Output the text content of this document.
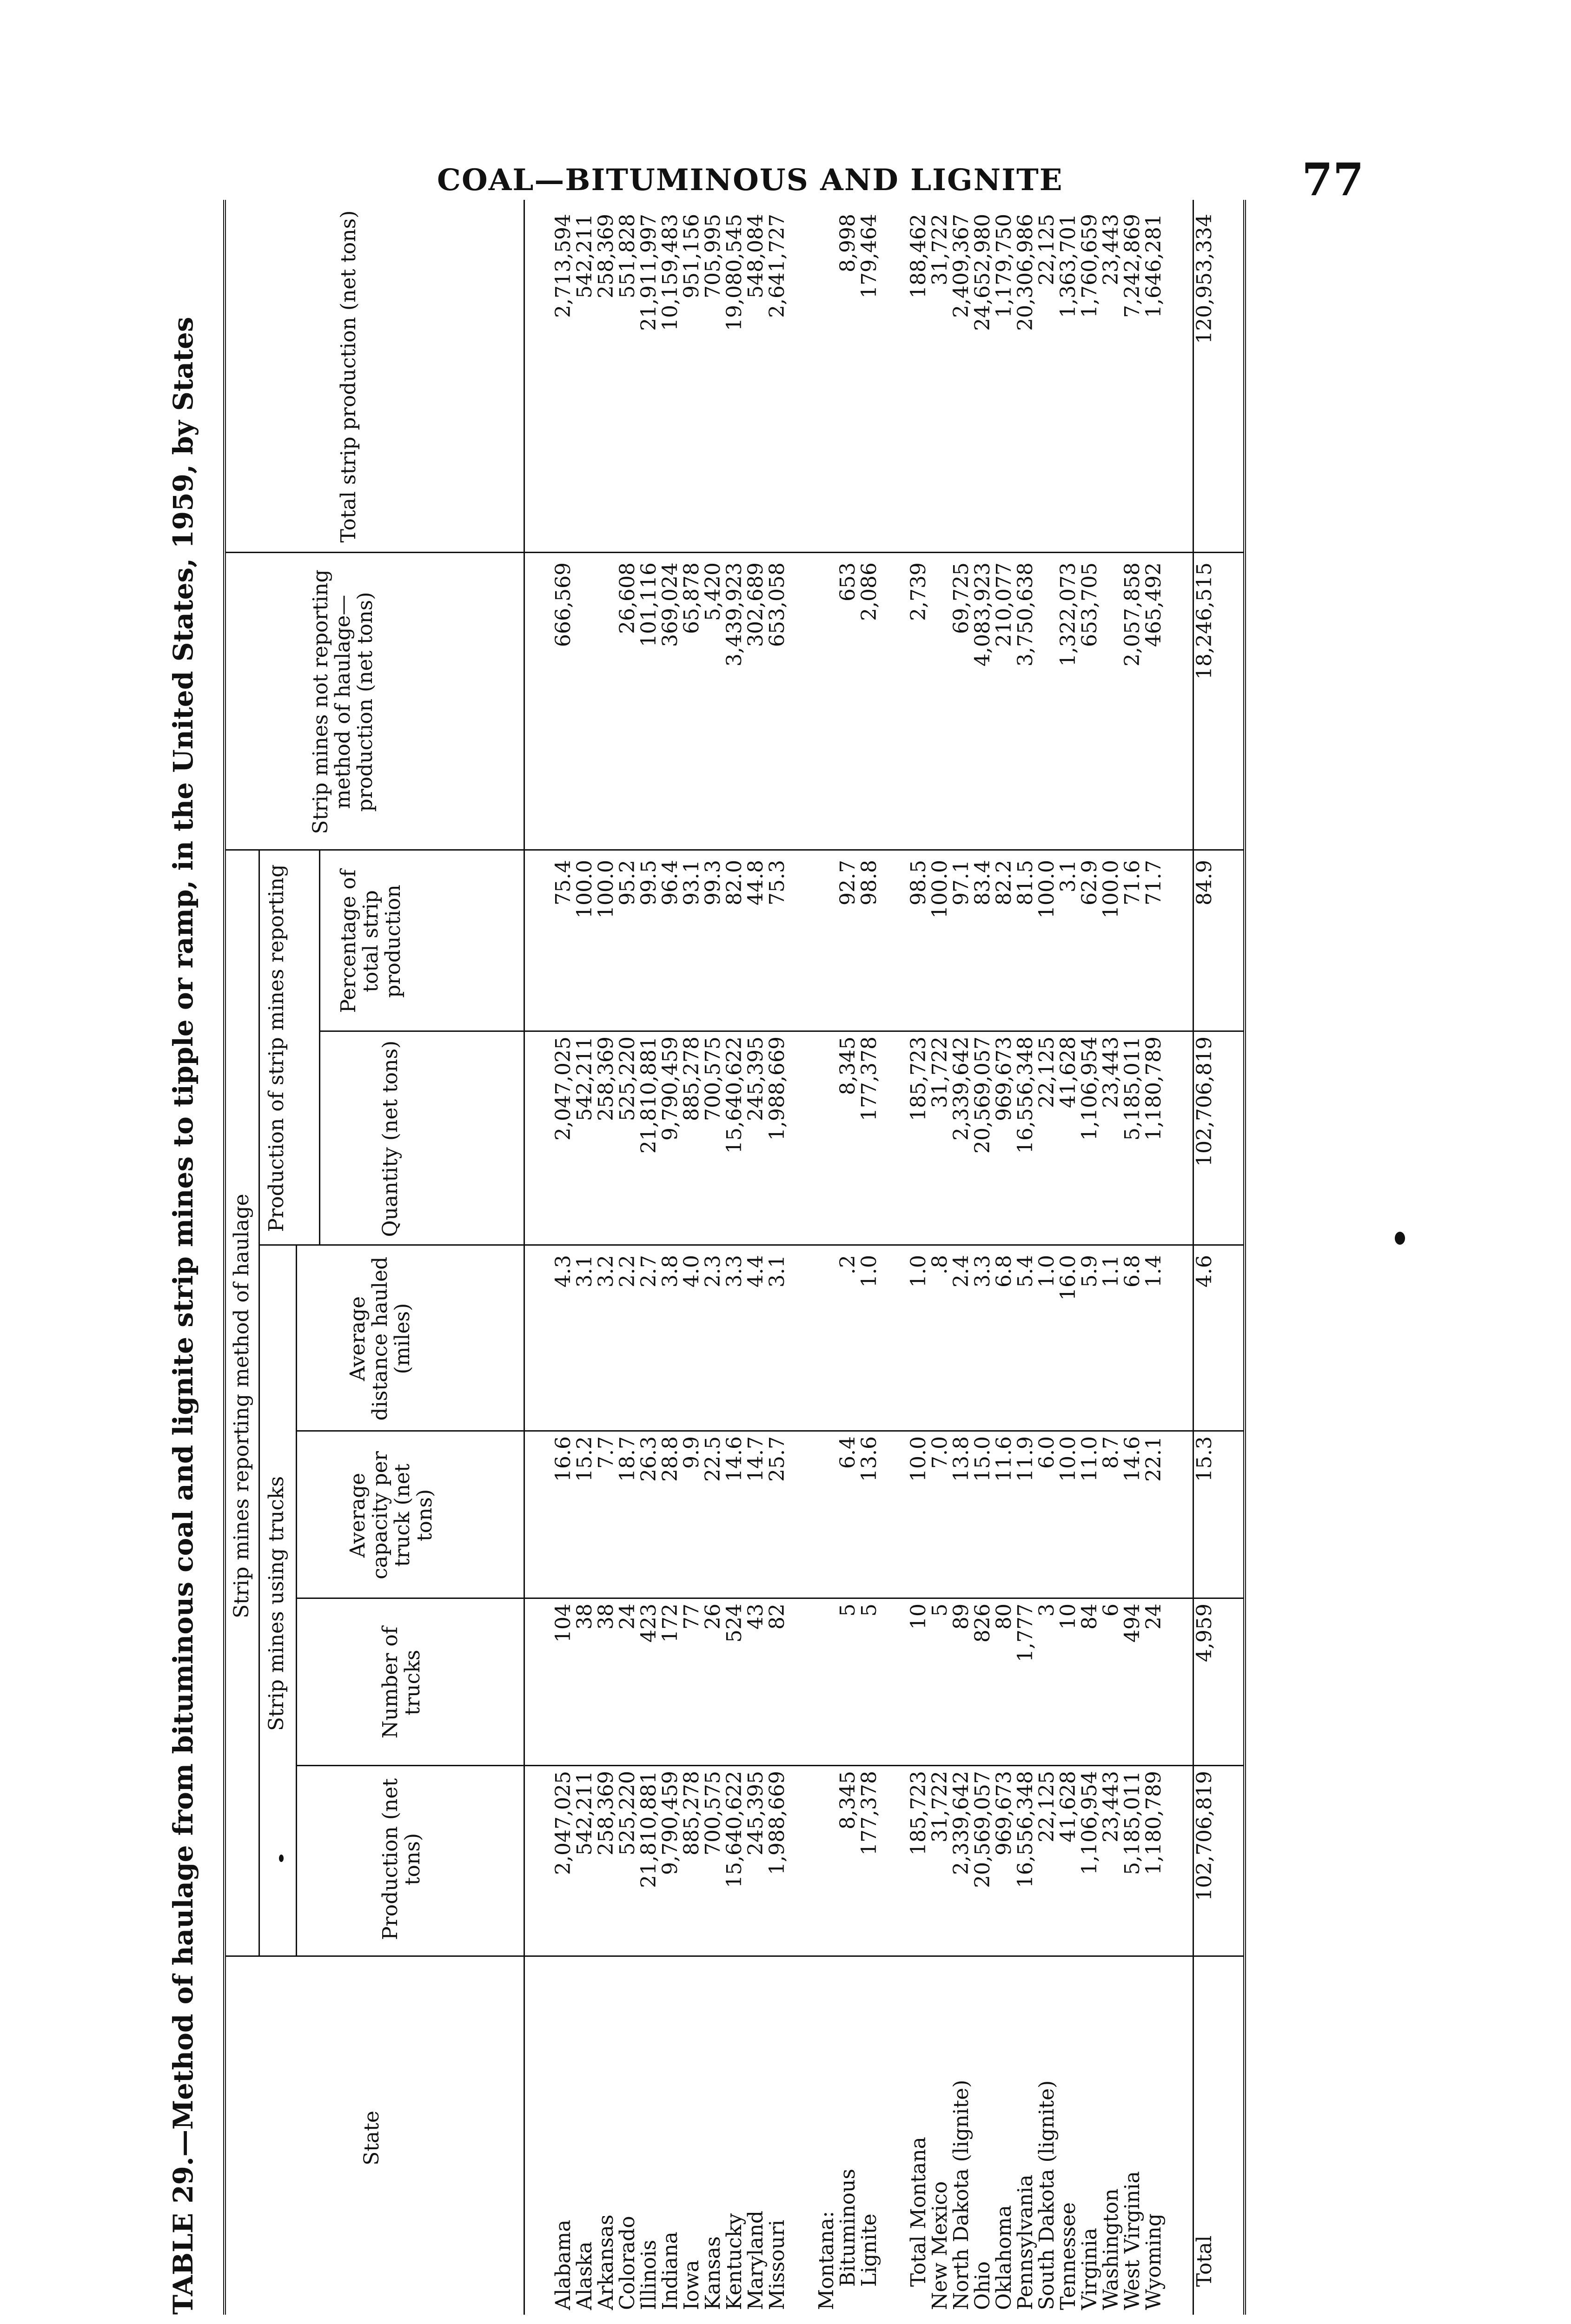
COAL—BITUMINOUS AND LIGNITE	77
TABLE 29.—Method of haulage from bituminous coal and lignite strip mines to tipple or ramp, in the United States, 1959, by States	State
Strip mines reporting method of haulage Strip mines using trucks
Production of strip mines reporting
Production (net tons)
Number of trucks
Average capacity per truck (net tons)
Average distance hauled (miles)
Quantity (net tons)
Percentage of total strip production
Strip mines not reporting method of haulage—production (net tons)
Total strip production (net tons)
Alabama
2,047,025
104
16.6
4.3
2,047,025
75.4
666,569
2,713,594
Alaska
542,211
38
15.2
3.1
542,211
100.0
542,211
Arkansas
258,369
38
7.7
3.2
258,369
100.0
258,369
Colorado
525,220
24
18.7
2.2
525,220
95.2
26,608
551,828
Illinois
21,810,881
423
26.3
2.7
21,810,881
99.5
101,116
21,911,997
Indiana
9,790,459
172
28.8
3.8
9,790,459
96.4
369,024
10,159,483
Iowa
885,278
77
9.9
4.0
885,278
93.1
65,878
951,156
Kansas
700,575
26
22.5
2.3
700,575
99.3
5,420
705,995
Kentucky
15,640,622
524
14.6
3.3
15,640,622
82.0
3,439,923
19,080,545
Maryland
245,395
43
14.7
4.4
245,395
44.8
302,689
548,084
Missouri
1,988,669
82
25.7
3.1
1,988,669
75.3
653,058
2,641,727
Montana:
Bituminous
8,345
5
6.4
.2
8,345
92.7
653
8,998
Lignite
177,378
5
13.6
1.0
177,378
98.8
2,086
179,464
Total Montana
185,723
10
10.0
1.0
185,723
98.5
2,739
188,462
New Mexico
31,722
5
7.0
.8
31,722
100.0
31,722
North Dakota (lignite)
2,339,642
89
13.8
2.4
2,339,642
97.1
69,725
2,409,367
Ohio
20,569,057
826
15.0
3.3
20,569,057
83.4
4,083,923
24,652,980
Oklahoma
969,673
80
11.6
6.8
969,673
82.2
210,077
1,179,750
Pennsylvania
16,556,348
1,777
11.9
5.4
16,556,348
81.5
3,750,638
20,306,986
South Dakota (lignite)
22,125
3
6.0
1.0
22,125
100.0
22,125
Tennessee
41,628
10
10.0
16.0
41,628
3.1
1,322,073
1,363,701
Virginia
1,106,954
84
11.0
5.9
1,106,954
62.9
653,705
1,760,659
Washington
23,443
6
8.7
1.1
23,443
100.0
23,443
West Virginia
5,185,011
494
14.6
6.8
5,185,011
71.6
2,057,858
7,242,869
Wyoming
1,180,789
24
22.1
1.4
1,180,789
71.7
465,492
1,646,281
Total
102,706,819
4,959
15.3
4.6
102,706,819
84.9
18,246,515
120,953,334
